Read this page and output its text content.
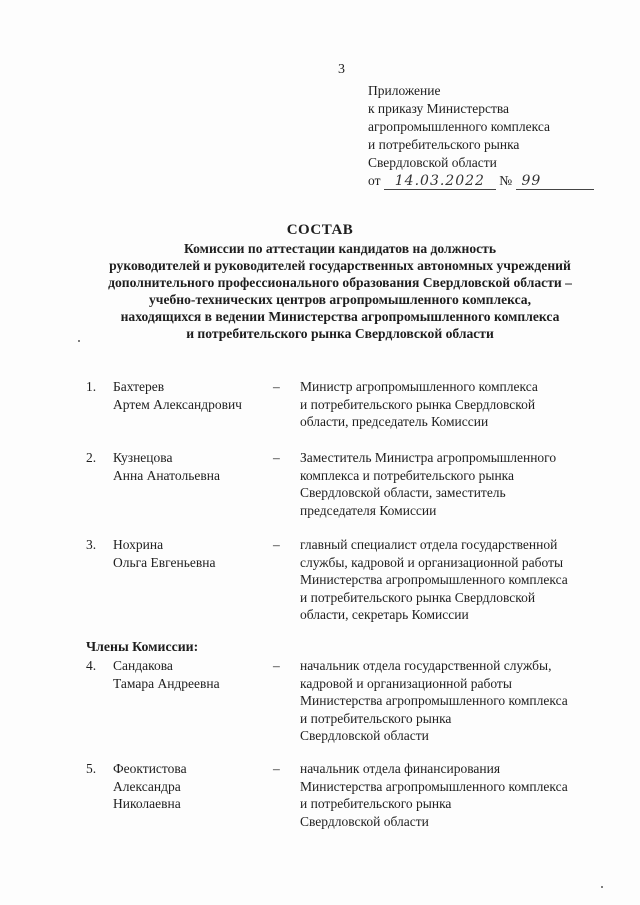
3
Приложение
к приказу Министерства
агропромышленного комплекса
и потребительского рынка
Свердловской области
от 14.03.2022 № 99
СОСТАВ
Комиссии по аттестации кандидатов на должность
руководителей и руководителей государственных автономных учреждений
дополнительного профессионального образования Свердловской области –
учебно-технических центров агропромышленного комплекса,
находящихся в ведении Министерства агропромышленного комплекса
и потребительского рынка Свердловской области
1. Бахтерев
Артем Александрович
– Министр агропромышленного комплекса
и потребительского рынка Свердловской
области, председатель Комиссии
2. Кузнецова
Анна Анатольевна
– Заместитель Министра агропромышленного
комплекса и потребительского рынка
Свердловской области, заместитель
председателя Комиссии
3. Нохрина
Ольга Евгеньевна
– главный специалист отдела государственной
службы, кадровой и организационной работы
Министерства агропромышленного комплекса
и потребительского рынка Свердловской
области, секретарь Комиссии
Члены Комиссии:
4. Сандакова
Тамара Андреевна
– начальник отдела государственной службы,
кадровой и организационной работы
Министерства агропромышленного комплекса
и потребительского рынка
Свердловской области
5. Феоктистова
Александра
Николаевна
– начальник отдела финансирования
Министерства агропромышленного комплекса
и потребительского рынка
Свердловской области
